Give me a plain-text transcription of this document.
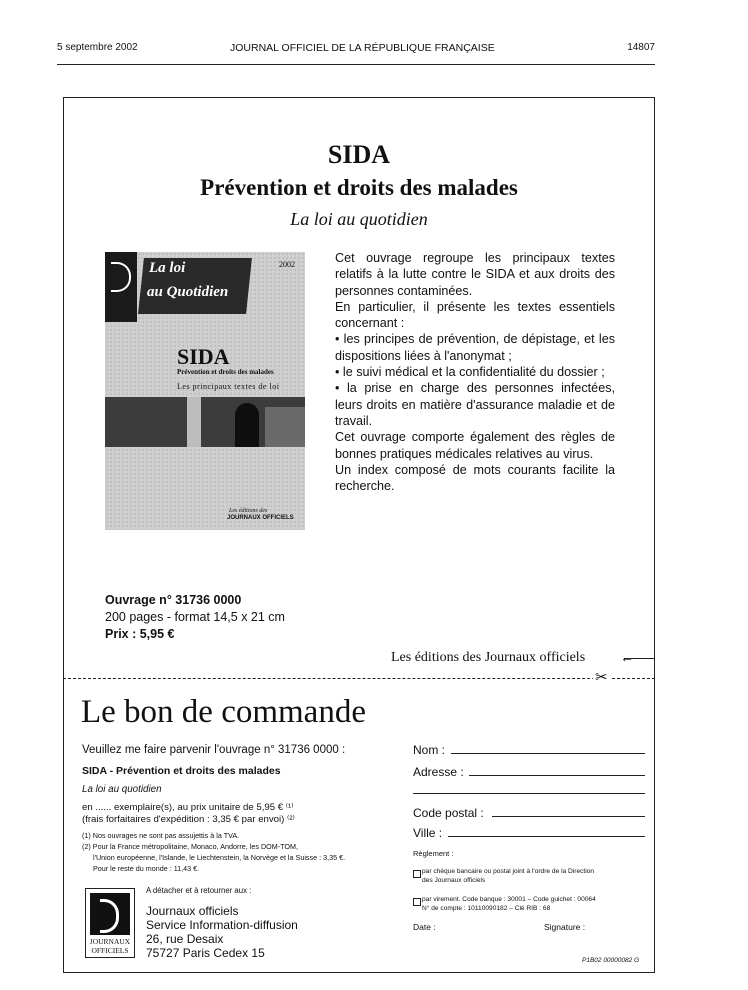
5 septembre 2002	JOURNAL OFFICIEL DE LA RÉPUBLIQUE FRANÇAISE	14807
SIDA
Prévention et droits des malades
La loi au quotidien
La loi
au Quotidien
2002
SIDA
Prévention et droits des malades
Les principaux textes de loi
Les éditions des
JOURNAUX OFFICIELS

Cet ouvrage regroupe les principaux textes relatifs à la lutte contre le SIDA et aux droits des personnes contaminées.

En particulier, il présente les textes essentiels concernant :

• les principes de prévention, de dépistage, et les dispositions liées à l'anonymat ;

• le suivi médical et la confidentialité du dossier ;

• la prise en charge des personnes infectées, leurs droits en matière d'assurance maladie et de travail.

Cet ouvrage comporte également des règles de bonnes pratiques médicales relatives au virus.

Un index composé de mots courants facilite la recherche.

Ouvrage n° 31736 0000
200 pages - format 14,5 x 21 cm
Prix : 5,95 €
Les éditions des Journaux officiels ←
✂
Le bon de commande
Veuillez me faire parvenir l'ouvrage n° 31736 0000 :
SIDA - Prévention et droits des malades
La loi au quotidien
en ...... exemplaire(s), au prix unitaire de 5,95 € ⁽¹⁾
(frais forfaitaires d'expédition : 3,35 € par envoi) ⁽²⁾
(1) Nos ouvrages ne sont pas assujettis à la TVA.
(2) Pour la France métropolitaine, Monaco, Andorre, les DOM-TOM,
l'Union européenne, l'Islande, le Liechtenstein, la Norvège et la Suisse : 3,35 €.
Pour le reste du monde : 11,43 €.
JOURNAUX
OFFICIELS
A détacher et à retourner aux :
Journaux officiels
Service Information-diffusion
26, rue Desaix
75727 Paris Cedex 15
Nom :
Adresse :
Code postal :
Ville :
Règlement :
par chèque bancaire ou postal joint à l'ordre de la Direction
des Journaux officiels
par virement. Code banque : 30001 – Code guichet : 00064
N° de compte : 10110090182 – Clé RIB : 68
Date :	Signature :
P1B02 00000082 G
